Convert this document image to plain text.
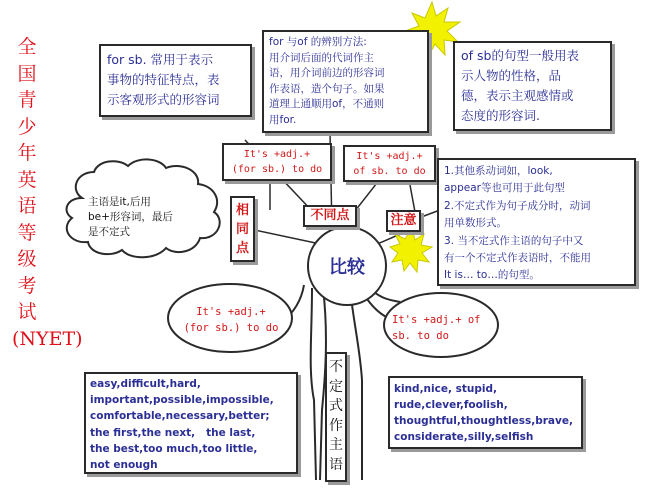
全国青少年英语等级考试(NYET)
for sb. 常用于表示
事物的特征特点，表
示客观形式的形容词
for 与of 的辨别方法:
用介词后面的代词作主
语，用介词前边的形容词
作表语，造个句子。如果
道理上通顺用of，不通则
用for.
of sb的句型一般用表
示人物的性格，品
德，表示主观感情或
态度的形容词.
It's +adj.+
(for sb.) to do
It's +adj.+
of sb. to do
相同点
不同点	注意
主语是it,后用
be+形容词，最后
是不定式
比较
1.其他系动词如，look,
appear等也可用于此句型
2.不定式作为句子成分时，动词
用单数形式。
3. 当不定式作主语的句子中又
有一个不定式作表语时，不能用
It is… to…的句型。
It's +adj.+
(for sb.) to do
It's +adj.+ of
sb. to do
不定式作主语
easy,difficult,hard,
important,possible,impossible,
comfortable,necessary,better;
the first,the next,   the last,
the best,too much,too little,
not enough
kind,nice, stupid,
rude,clever,foolish,
thoughtful,thoughtless,brave,
considerate,silly,selfish
